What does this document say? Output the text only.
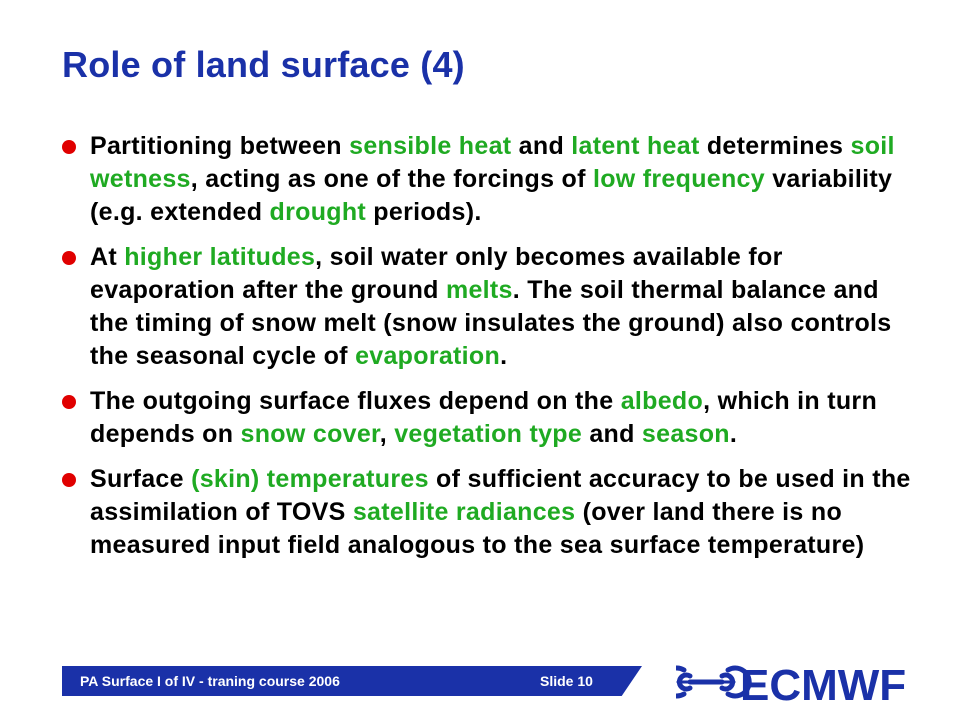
Role of land surface (4)
Partitioning between sensible heat and latent heat determines soil wetness, acting as one of the forcings of low frequency variability (e.g. extended drought periods).
At higher latitudes, soil water only becomes available for evaporation after the ground melts. The soil thermal balance and the timing of snow melt (snow insulates the ground) also controls the seasonal cycle of evaporation.
The outgoing surface fluxes depend on the albedo, which in turn depends on snow cover, vegetation type and season.
Surface (skin) temperatures of sufficient accuracy to be used in the assimilation of TOVS satellite radiances (over land there is no measured input field analogous to the sea surface temperature)
PA Surface I of IV - traning course 2006	Slide 10	ECMWF
